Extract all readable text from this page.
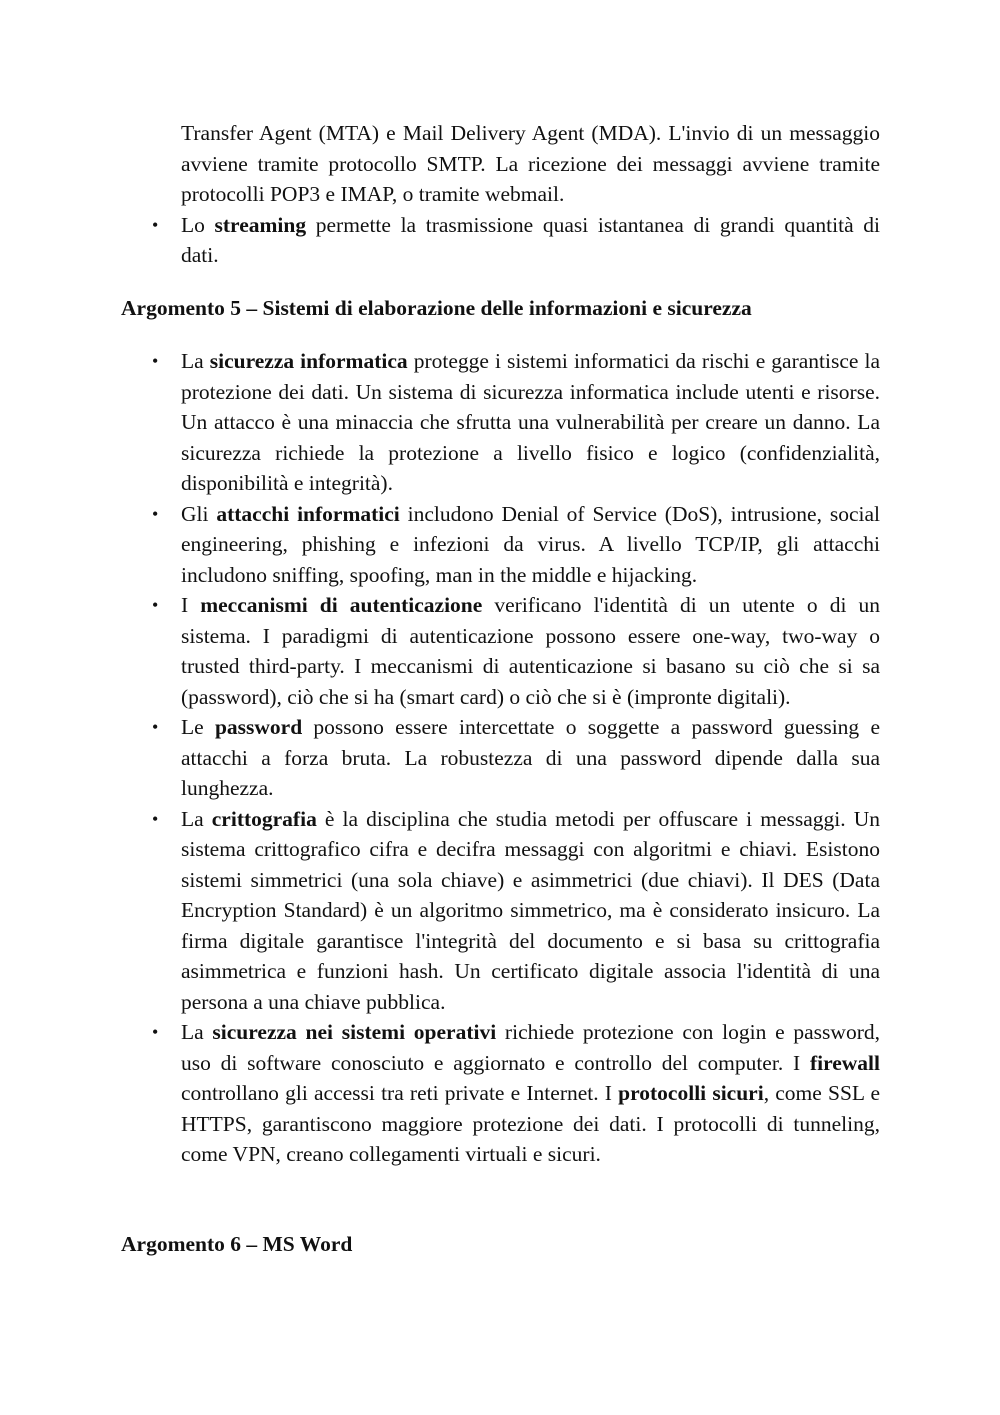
Transfer Agent (MTA) e Mail Delivery Agent (MDA). L'invio di un messaggio avviene tramite protocollo SMTP. La ricezione dei messaggi avviene tramite protocolli POP3 e IMAP, o tramite webmail.
• Lo streaming permette la trasmissione quasi istantanea di grandi quantità di dati.
Argomento 5 – Sistemi di elaborazione delle informazioni e sicurezza
• La sicurezza informatica protegge i sistemi informatici da rischi e garantisce la protezione dei dati. Un sistema di sicurezza informatica include utenti e risorse. Un attacco è una minaccia che sfrutta una vulnerabilità per creare un danno. La sicurezza richiede la protezione a livello fisico e logico (confidenzialità, disponibilità e integrità).
• Gli attacchi informatici includono Denial of Service (DoS), intrusione, social engineering, phishing e infezioni da virus. A livello TCP/IP, gli attacchi includono sniffing, spoofing, man in the middle e hijacking.
• I meccanismi di autenticazione verificano l'identità di un utente o di un sistema. I paradigmi di autenticazione possono essere one-way, two-way o trusted third-party. I meccanismi di autenticazione si basano su ciò che si sa (password), ciò che si ha (smart card) o ciò che si è (impronte digitali).
• Le password possono essere intercettate o soggette a password guessing e attacchi a forza bruta. La robustezza di una password dipende dalla sua lunghezza.
• La crittografia è la disciplina che studia metodi per offuscare i messaggi. Un sistema crittografico cifra e decifra messaggi con algoritmi e chiavi. Esistono sistemi simmetrici (una sola chiave) e asimmetrici (due chiavi). Il DES (Data Encryption Standard) è un algoritmo simmetrico, ma è considerato insicuro. La firma digitale garantisce l'integrità del documento e si basa su crittografia asimmetrica e funzioni hash. Un certificato digitale associa l'identità di una persona a una chiave pubblica.
• La sicurezza nei sistemi operativi richiede protezione con login e password, uso di software conosciuto e aggiornato e controllo del computer. I firewall controllano gli accessi tra reti private e Internet. I protocolli sicuri, come SSL e HTTPS, garantiscono maggiore protezione dei dati. I protocolli di tunneling, come VPN, creano collegamenti virtuali e sicuri.
Argomento 6 – MS Word
